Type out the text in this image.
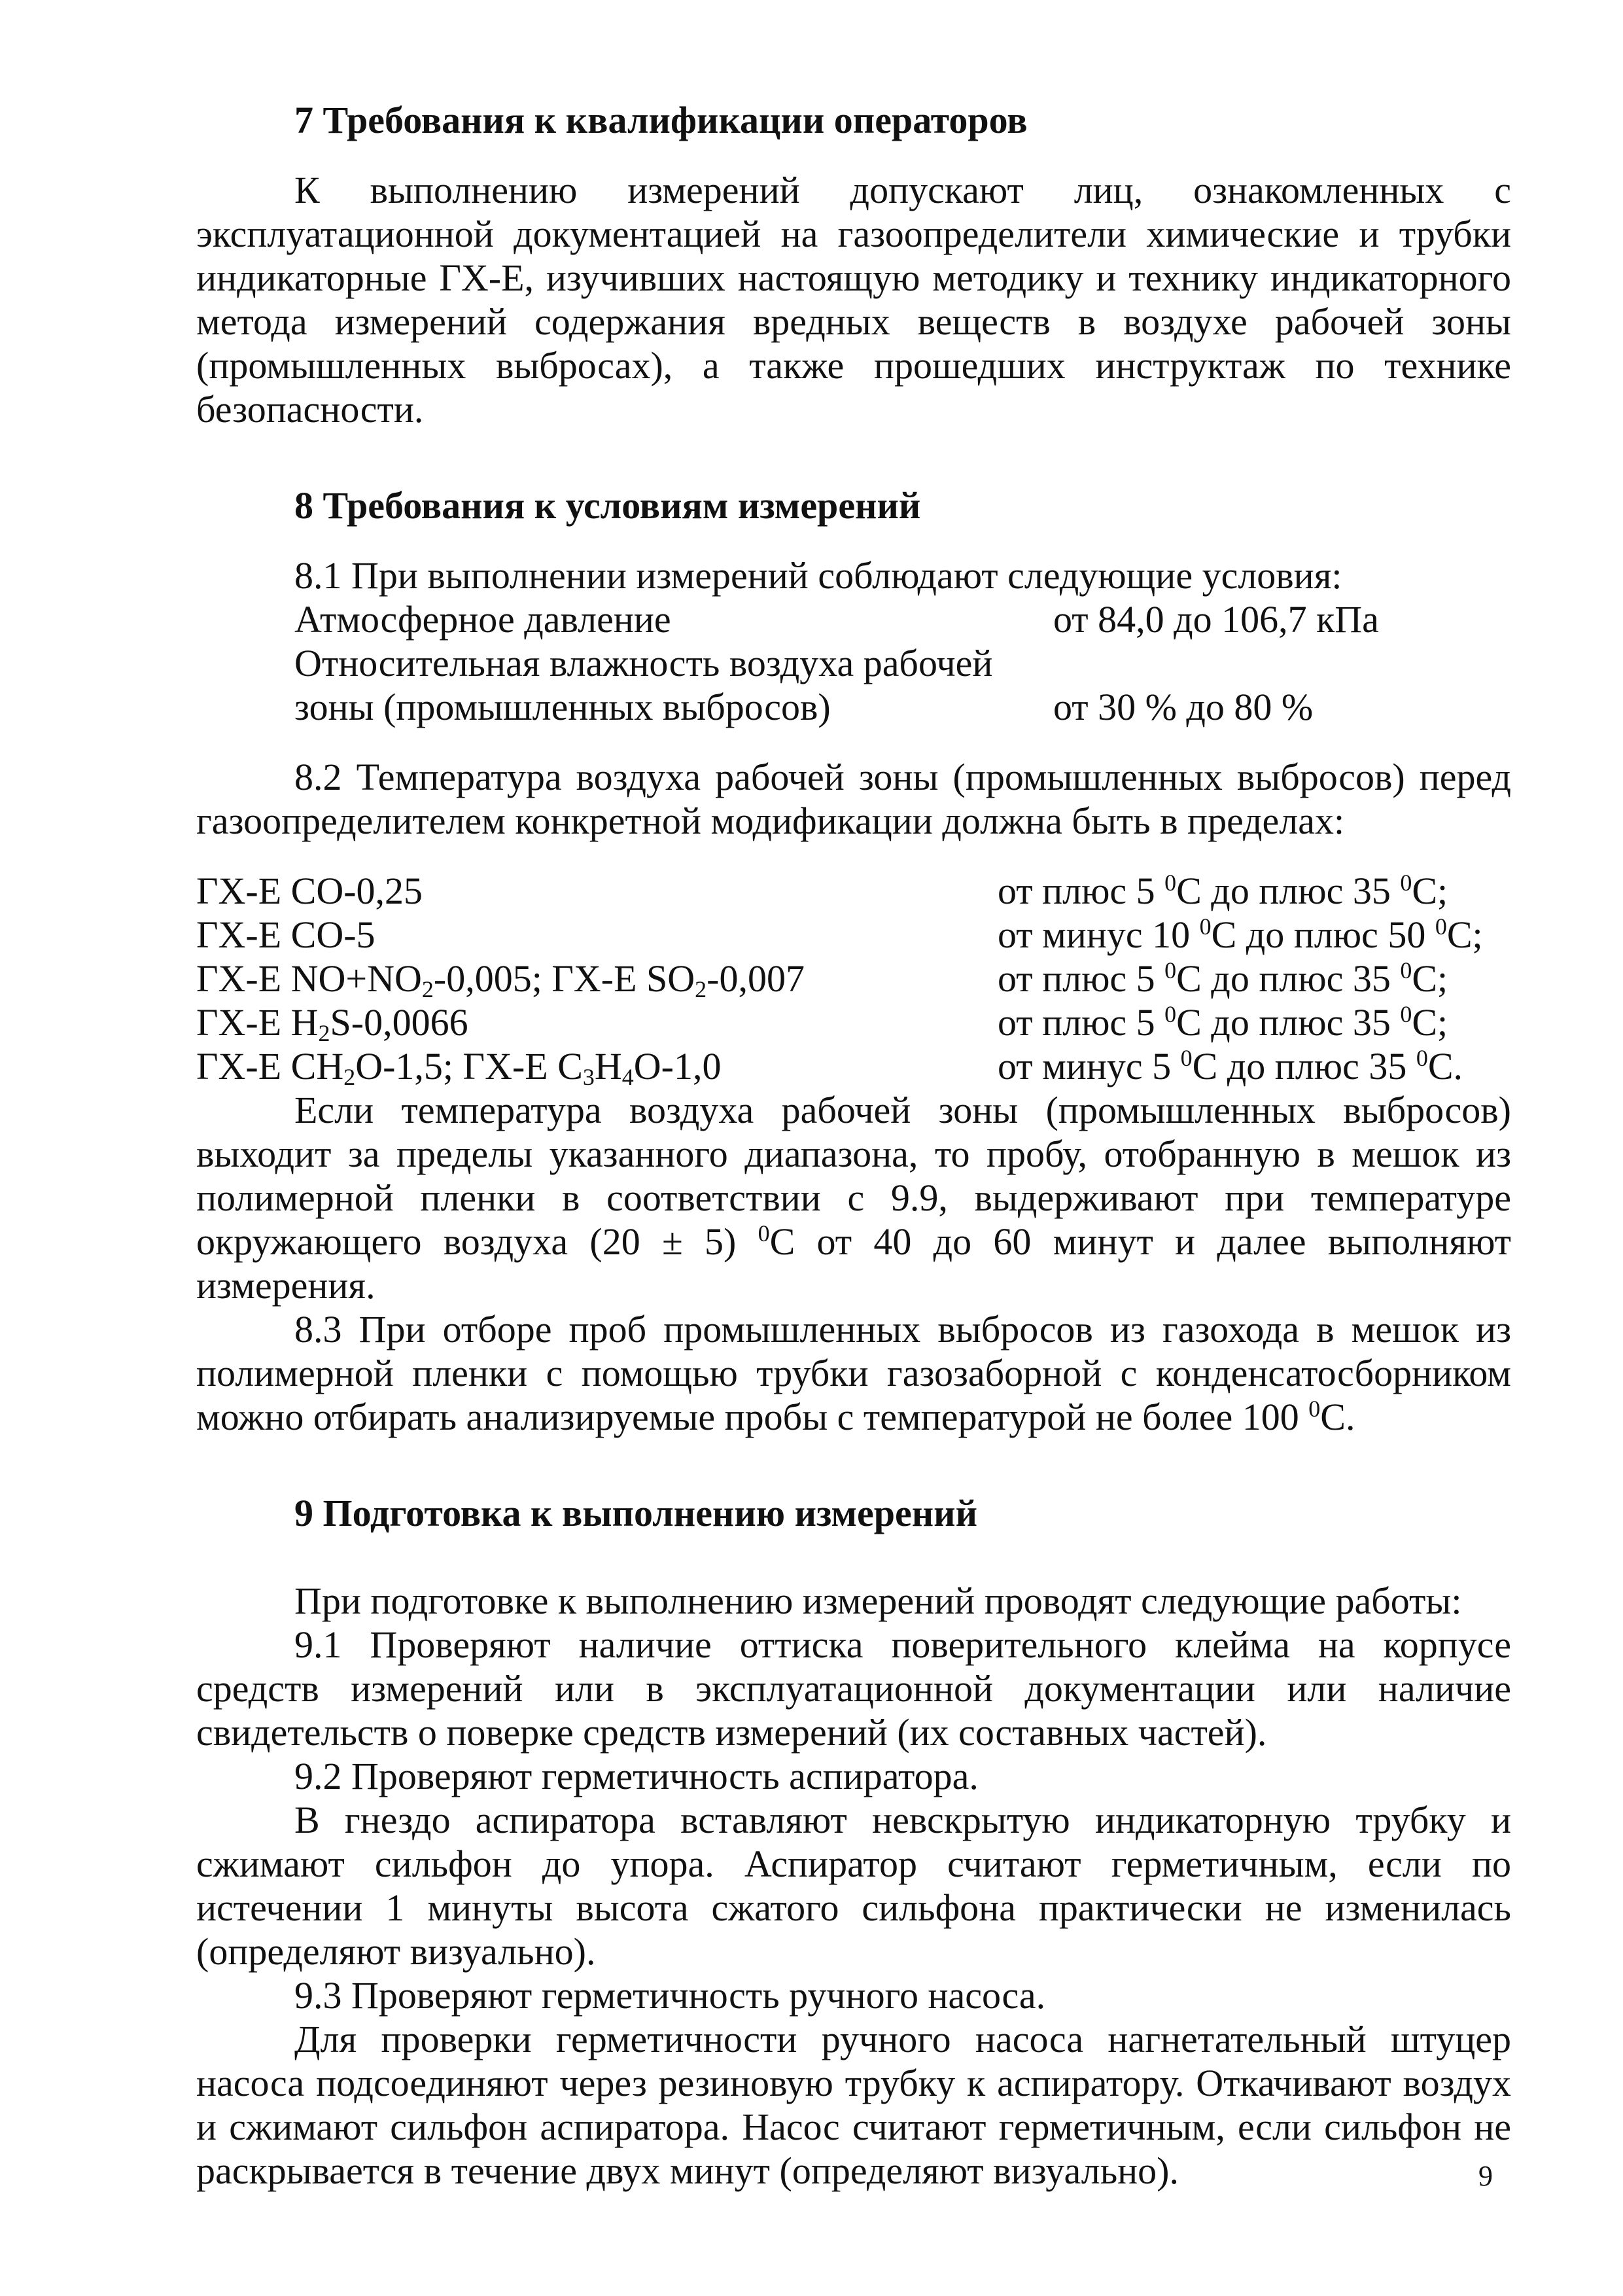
7 Требования к квалификации операторов

К выполнению измерений допускают лиц, ознакомленных с эксплуатационной документацией на газоопределители химические и трубки индикаторные ГХ-Е, изучивших настоящую методику и технику индикаторного метода измерений содержания вредных веществ в воздухе рабочей зоны (промышленных выбросах), а также прошедших инструктаж по технике безопасности.

8 Требования к условиям измерений

8.1 При выполнении измерений соблюдают следующие условия:

Атмосферное давление	от 84,0 до 106,7 кПа
Относительная влажность воздуха рабочей
зоны (промышленных выбросов)	от 30 % до 80 %

8.2 Температура воздуха рабочей зоны (промышленных выбросов) перед газоопределителем конкретной модификации должна быть в пределах:

ГХ-Е СО-0,25	от плюс 5 $^0$С до плюс 35 $^0$С;
ГХ-Е СО-5	от минус 10 $^0$С до плюс 50 $^0$С;
ГХ-Е $NO+NO_2-0,005$; ГХ-Е $SO_2-0,007$	от плюс 5 $^0$С до плюс 35 $^0$С;
ГХ-Е $H_2S-0,0066$	от плюс 5 $^0$С до плюс 35 $^0$С;
ГХ-Е $CH_2O-1,5$; ГХ-Е $C_3H_4O-1,0$	от минус 5 $^0$С до плюс 35 $^0$С.

Если температура воздуха рабочей зоны (промышленных выбросов) выходит за пределы указанного диапазона, то пробу, отобранную в мешок из полимерной пленки в соответствии с 9.9, выдерживают при температуре окружающего воздуха (20 ± 5) $^0$С от 40 до 60 минут и далее выполняют измерения.

8.3 При отборе проб промышленных выбросов из газохода в мешок из полимерной пленки с помощью трубки газозаборной с конденсатосборником можно отбирать анализируемые пробы с температурой не более 100 $^0$С.

9 Подготовка к выполнению измерений

При подготовке к выполнению измерений проводят следующие работы:

9.1 Проверяют наличие оттиска поверительного клейма на корпусе средств измерений или в эксплуатационной документации или наличие свидетельств о поверке средств измерений (их составных частей).

9.2 Проверяют герметичность аспиратора.

В гнездо аспиратора вставляют невскрытую индикаторную трубку и сжимают сильфон до упора. Аспиратор считают герметичным, если по истечении 1 минуты высота сжатого сильфона практически не изменилась (определяют визуально).

9.3 Проверяют герметичность ручного насоса.

Для проверки герметичности ручного насоса нагнетательный штуцер насоса подсоединяют через резиновую трубку к аспиратору. Откачивают воздух и сжимают сильфон аспиратора. Насос считают герметичным, если сильфон не раскрывается в течение двух минут (определяют визуально).	9
